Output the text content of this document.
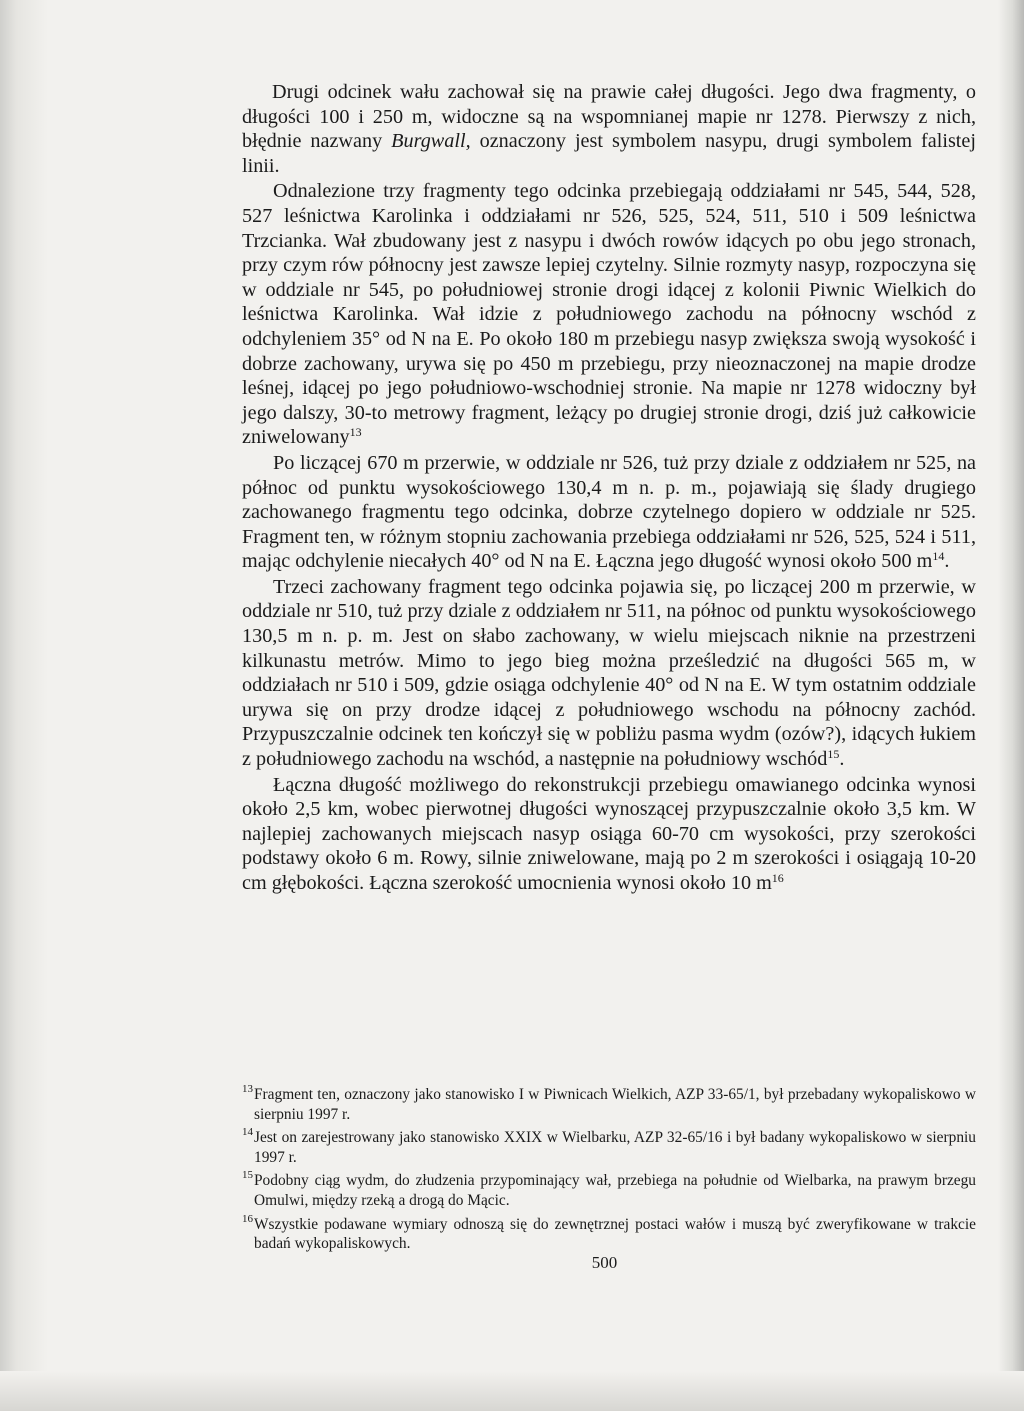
Drugi odcinek wału zachował się na prawie całej długości. Jego dwa fragmenty, o długości 100 i 250 m, widoczne są na wspomnianej mapie nr 1278. Pierwszy z nich, błędnie nazwany Burgwall, oznaczony jest symbolem nasypu, drugi symbolem falistej linii.

Odnalezione trzy fragmenty tego odcinka przebiegają oddziałami nr 545, 544, 528, 527 leśnictwa Karolinka i oddziałami nr 526, 525, 524, 511, 510 i 509 leśnictwa Trzcianka. Wał zbudowany jest z nasypu i dwóch rowów idących po obu jego stronach, przy czym rów północny jest zawsze lepiej czytelny. Silnie rozmyty nasyp, rozpoczyna się w oddziale nr 545, po południowej stronie drogi idącej z kolonii Piwnic Wielkich do leśnictwa Karolinka. Wał idzie z południowego zachodu na północny wschód z odchyleniem 35° od N na E. Po około 180 m przebiegu nasyp zwiększa swoją wysokość i dobrze zachowany, urywa się po 450 m przebiegu, przy nieoznaczonej na mapie drodze leśnej, idącej po jego południowo-wschodniej stronie. Na mapie nr 1278 widoczny był jego dalszy, 30-to metrowy fragment, leżący po drugiej stronie drogi, dziś już całkowicie zniwelowany$^{13}$

Po liczącej 670 m przerwie, w oddziale nr 526, tuż przy dziale z oddziałem nr 525, na północ od punktu wysokościowego 130,4 m n. p. m., pojawiają się ślady drugiego zachowanego fragmentu tego odcinka, dobrze czytelnego dopiero w oddziale nr 525. Fragment ten, w różnym stopniu zachowania przebiega oddziałami nr 526, 525, 524 i 511, mając odchylenie niecałych 40° od N na E. Łączna jego długość wynosi około 500 $m^{14}$.

Trzeci zachowany fragment tego odcinka pojawia się, po liczącej 200 m przerwie, w oddziale nr 510, tuż przy dziale z oddziałem nr 511, na północ od punktu wysokościowego 130,5 m n. p. m. Jest on słabo zachowany, w wielu miejscach niknie na przestrzeni kilkunastu metrów. Mimo to jego bieg można prześledzić na długości 565 m, w oddziałach nr 510 i 509, gdzie osiąga odchylenie 40° od N na E. W tym ostatnim oddziale urywa się on przy drodze idącej z południowego wschodu na północny zachód. Przypuszczalnie odcinek ten kończył się w pobliżu pasma wydm (ozów?), idących łukiem z południowego zachodu na wschód, a następnie na południowy wschód$^{15}$.

Łączna długość możliwego do rekonstrukcji przebiegu omawianego odcinka wynosi około 2,5 km, wobec pierwotnej długości wynoszącej przypuszczalnie około 3,5 km. W najlepiej zachowanych miejscach nasyp osiąga 60-70 cm wysokości, przy szerokości podstawy około 6 m. Rowy, silnie zniwelowane, mają po 2 m szerokości i osiągają 10-20 cm głębokości. Łączna szerokość umocnienia wynosi około 10 $m^{16}$

13 Fragment ten, oznaczony jako stanowisko I w Piwnicach Wielkich, AZP 33-65/1, był przebadany wykopaliskowo w sierpniu 1997 r.
14 Jest on zarejestrowany jako stanowisko XXIX w Wielbarku, AZP 32-65/16 i był badany wykopaliskowo w sierpniu 1997 r.
15 Podobny ciąg wydm, do złudzenia przypominający wał, przebiega na południe od Wielbarka, na prawym brzegu Omulwi, między rzeką a drogą do Mącic.
16 Wszystkie podawane wymiary odnoszą się do zewnętrznej postaci wałów i muszą być zweryfikowane w trakcie badań wykopaliskowych.
500
